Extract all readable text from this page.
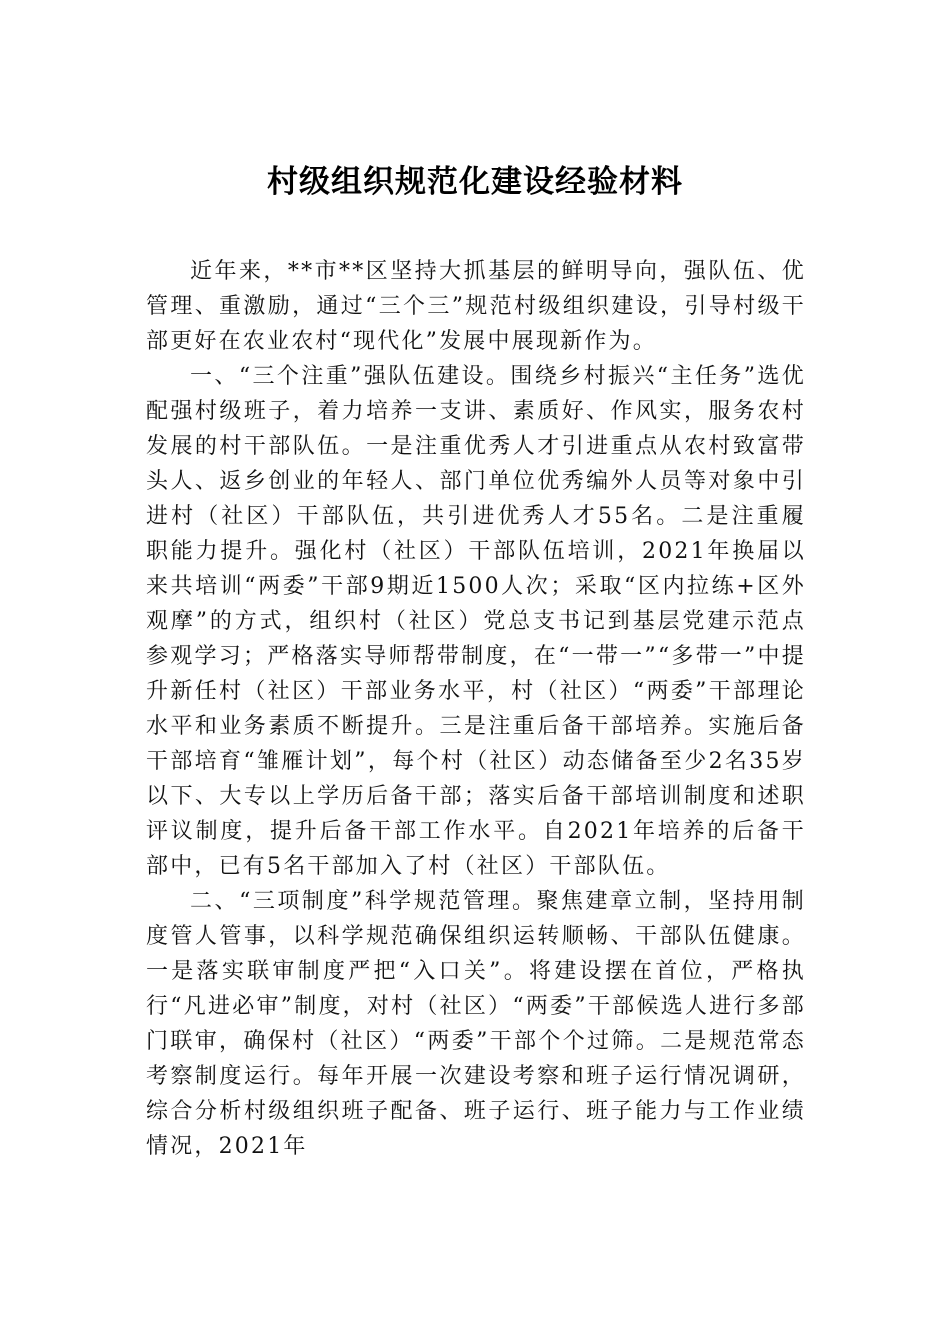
村级组织规范化建设经验材料

近年来，**市**区坚持大抓基层的鲜明导向，强队伍、优管理、重激励，通过“三个三”规范村级组织建设，引导村级干部更好在农业农村“现代化”发展中展现新作为。

一、“三个注重”强队伍建设。围绕乡村振兴“主任务”选优配强村级班子，着力培养一支讲、素质好、作风实，服务农村发展的村干部队伍。一是注重优秀人才引进重点从农村致富带头人、返乡创业的年轻人、部门单位优秀编外人员等对象中引进村（社区）干部队伍，共引进优秀人才55名。二是注重履职能力提升。强化村（社区）干部队伍培训，2021年换届以来共培训“两委”干部9期近1500人次；采取“区内拉练+区外观摩”的方式，组织村（社区）党总支书记到基层党建示范点参观学习；严格落实导师帮带制度，在“一带一”“多带一”中提升新任村（社区）干部业务水平，村（社区）“两委”干部理论水平和业务素质不断提升。三是注重后备干部培养。实施后备干部培育“雏雁计划”，每个村（社区）动态储备至少2名35岁以下、大专以上学历后备干部；落实后备干部培训制度和述职评议制度，提升后备干部工作水平。自2021年培养的后备干部中，已有5名干部加入了村（社区）干部队伍。

二、“三项制度”科学规范管理。聚焦建章立制，坚持用制度管人管事，以科学规范确保组织运转顺畅、干部队伍健康。一是落实联审制度严把“入口关”。将建设摆在首位，严格执行“凡进必审”制度，对村（社区）“两委”干部候选人进行多部门联审，确保村（社区）“两委”干部个个过筛。二是规范常态考察制度运行。每年开展一次建设考察和班子运行情况调研，综合分析村级组织班子配备、班子运行、班子能力与工作业绩情况，2021年
